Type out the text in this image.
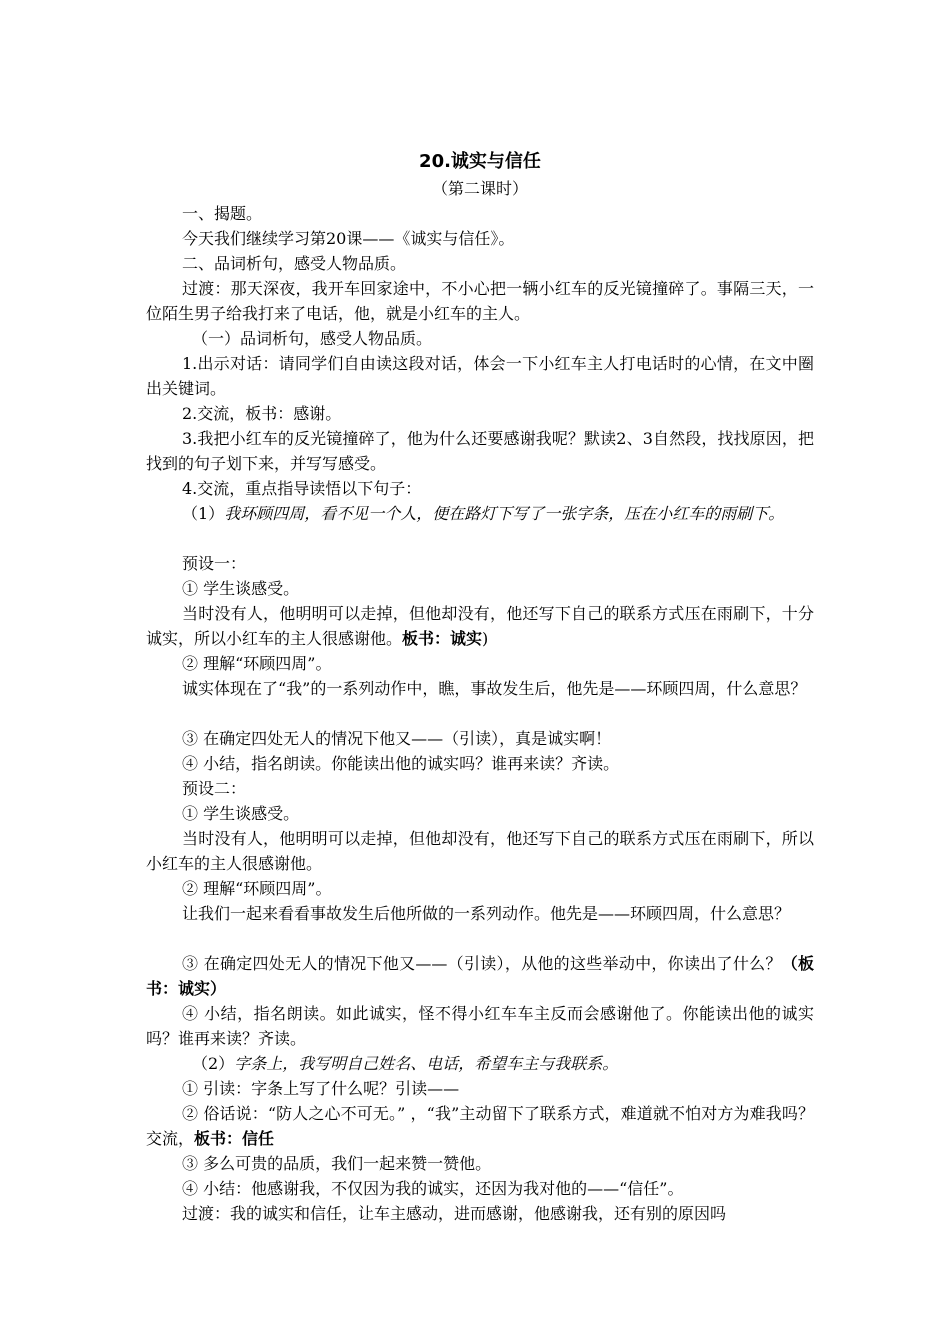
20.诚实与信任
（第二课时）

一、揭题。

今天我们继续学习第20课——《诚实与信任》。

二、品词析句，感受人物品质。

过渡：那天深夜，我开车回家途中，不小心把一辆小红车的反光镜撞碎了。事隔三天，一位陌生男子给我打来了电话，他，就是小红车的主人。

（一）品词析句，感受人物品质。

1.出示对话：请同学们自由读这段对话，体会一下小红车主人打电话时的心情，在文中圈出关键词。

2.交流，板书：感谢。

3.我把小红车的反光镜撞碎了，他为什么还要感谢我呢？默读2、3自然段，找找原因，把找到的句子划下来，并写写感受。

4.交流，重点指导读悟以下句子：

（1）我环顾四周，看不见一个人，便在路灯下写了一张字条，压在小红车的雨刷下。

预设一：

① 学生谈感受。

当时没有人，他明明可以走掉，但他却没有，他还写下自己的联系方式压在雨刷下，十分诚实，所以小红车的主人很感谢他。板书：诚实)

② 理解“环顾四周”。

诚实体现在了“我”的一系列动作中，瞧，事故发生后，他先是——环顾四周，什么意思？

③ 在确定四处无人的情况下他又——（引读），真是诚实啊！

④ 小结，指名朗读。你能读出他的诚实吗？谁再来读？齐读。

预设二：

① 学生谈感受。

当时没有人，他明明可以走掉，但他却没有，他还写下自己的联系方式压在雨刷下，所以小红车的主人很感谢他。

② 理解“环顾四周”。

让我们一起来看看事故发生后他所做的一系列动作。他先是——环顾四周，什么意思？

③ 在确定四处无人的情况下他又——（引读），从他的这些举动中，你读出了什么？（板书：诚实）

④ 小结，指名朗读。如此诚实，怪不得小红车车主反而会感谢他了。你能读出他的诚实吗？谁再来读？齐读。

（2）字条上，我写明自己姓名、电话，希望车主与我联系。

① 引读：字条上写了什么呢？引读——

② 俗话说：“防人之心不可无。” ，“我”主动留下了联系方式，难道就不怕对方为难我吗？交流，板书：信任

③ 多么可贵的品质，我们一起来赞一赞他。

④ 小结：他感谢我，不仅因为我的诚实，还因为我对他的——“信任”。

过渡：我的诚实和信任，让车主感动，进而感谢，他感谢我，还有别的原因吗
